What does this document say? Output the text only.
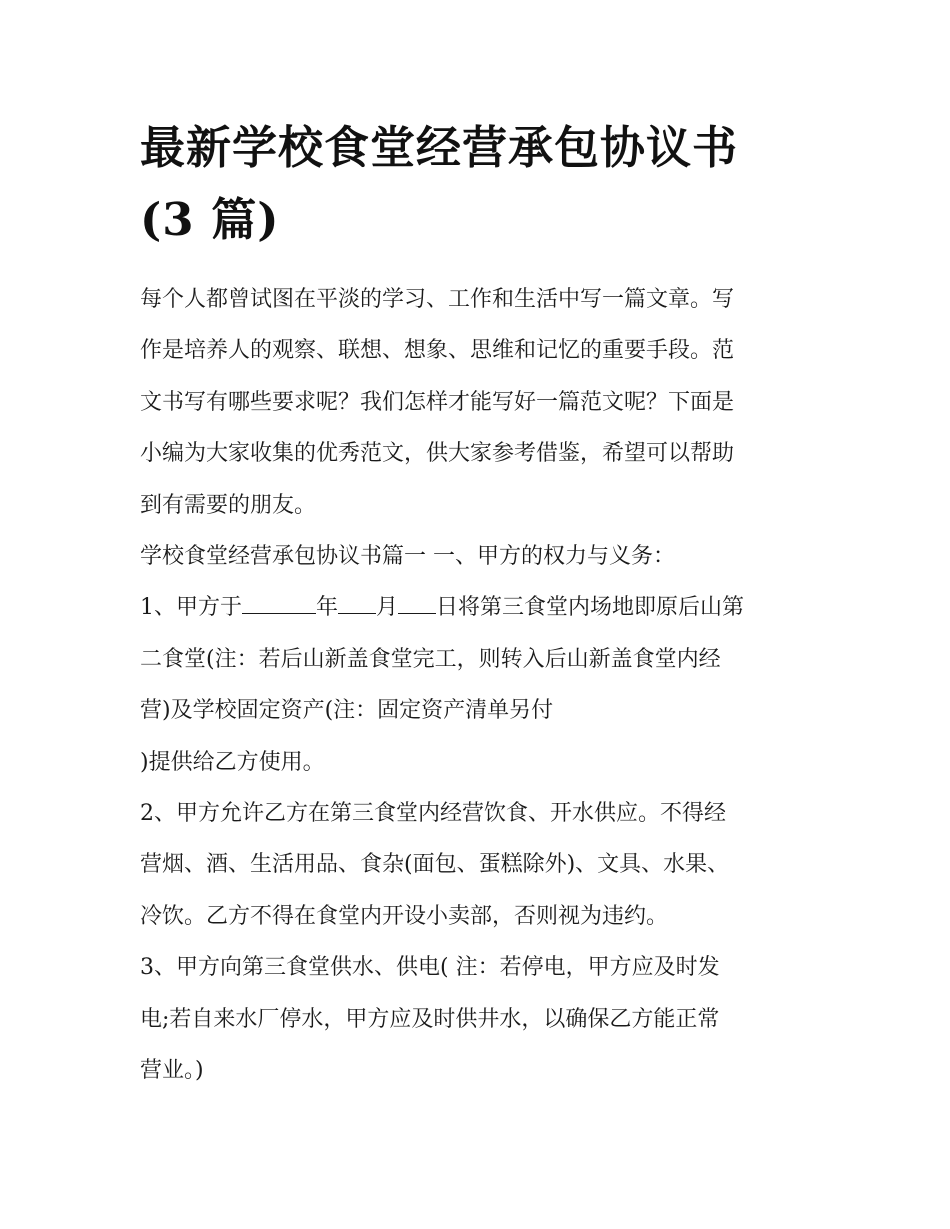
最新学校食堂经营承包协议书
(3 篇)

每个人都曾试图在平淡的学习、工作和生活中写一篇文章。写
作是培养人的观察、联想、想象、思维和记忆的重要手段。范
文书写有哪些要求呢？我们怎样才能写好一篇范文呢？下面是
小编为大家收集的优秀范文，供大家参考借鉴，希望可以帮助
到有需要的朋友。

学校食堂经营承包协议书篇一 一、甲方的权力与义务：

1、甲方于	年 月 日将第三食堂内场地即原后山第
二食堂(注：若后山新盖食堂完工，则转入后山新盖食堂内经
营)及学校固定资产(注：固定资产清单另付
)提供给乙方使用。

2、甲方允许乙方在第三食堂内经营饮食、开水供应。不得经
营烟、酒、生活用品、食杂(面包、蛋糕除外)、文具、水果、
冷饮。乙方不得在食堂内开设小卖部，否则视为违约。

3、甲方向第三食堂供水、供电( 注：若停电，甲方应及时发
电;若自来水厂停水，甲方应及时供井水，以确保乙方能正常
营业。)
